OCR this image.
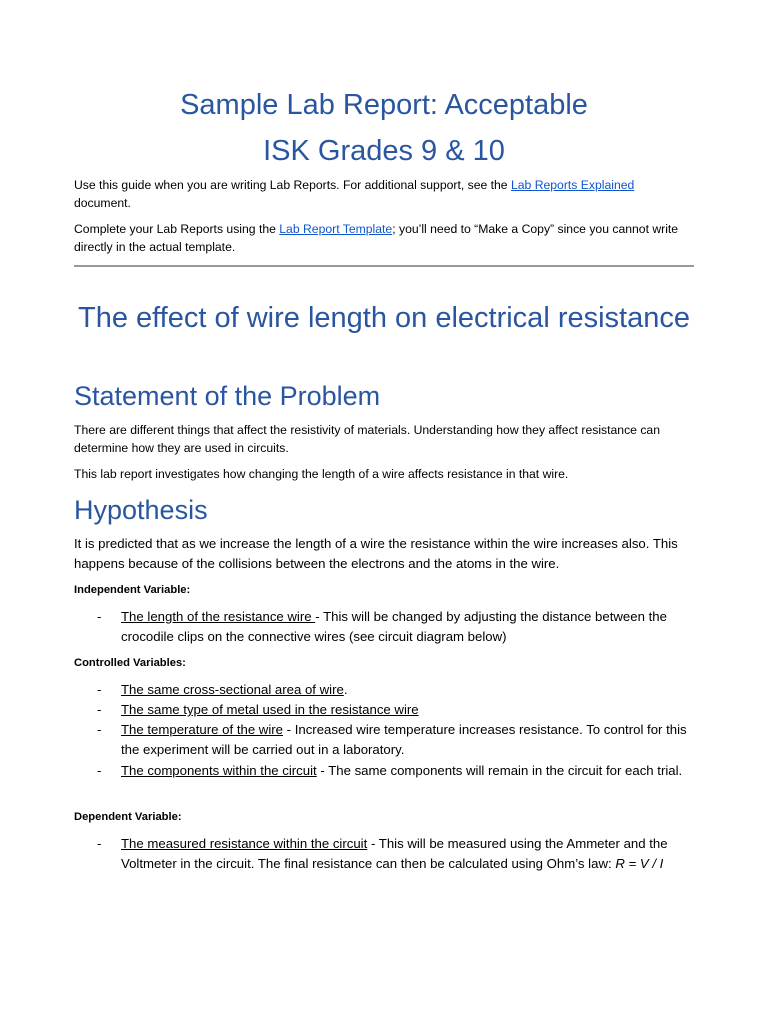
Sample Lab Report: Acceptable
ISK Grades 9 & 10
Use this guide when you are writing Lab Reports. For additional support, see the Lab Reports Explained document.
Complete your Lab Reports using the Lab Report Template; you’ll need to “Make a Copy” since you cannot write directly in the actual template.
The effect of wire length on electrical resistance
Statement of the Problem
There are different things that affect the resistivity of materials. Understanding how they affect resistance can determine how they are used in circuits.
This lab report investigates how changing the length of a wire affects resistance in that wire.
Hypothesis
It is predicted that as we increase the length of a wire the resistance within the wire increases also. This happens because of the collisions between the electrons and the atoms in the wire.
Independent Variable:
- The length of the resistance wire - This will be changed by adjusting the distance between the crocodile clips on the connective wires (see circuit diagram below)
Controlled Variables:
- The same cross-sectional area of wire.
- The same type of metal used in the resistance wire
- The temperature of the wire - Increased wire temperature increases resistance. To control for this the experiment will be carried out in a laboratory.
- The components within the circuit - The same components will remain in the circuit for each trial.
Dependent Variable:
- The measured resistance within the circuit - This will be measured using the Ammeter and the Voltmeter in the circuit. The final resistance can then be calculated using Ohm’s law: R = V / I
